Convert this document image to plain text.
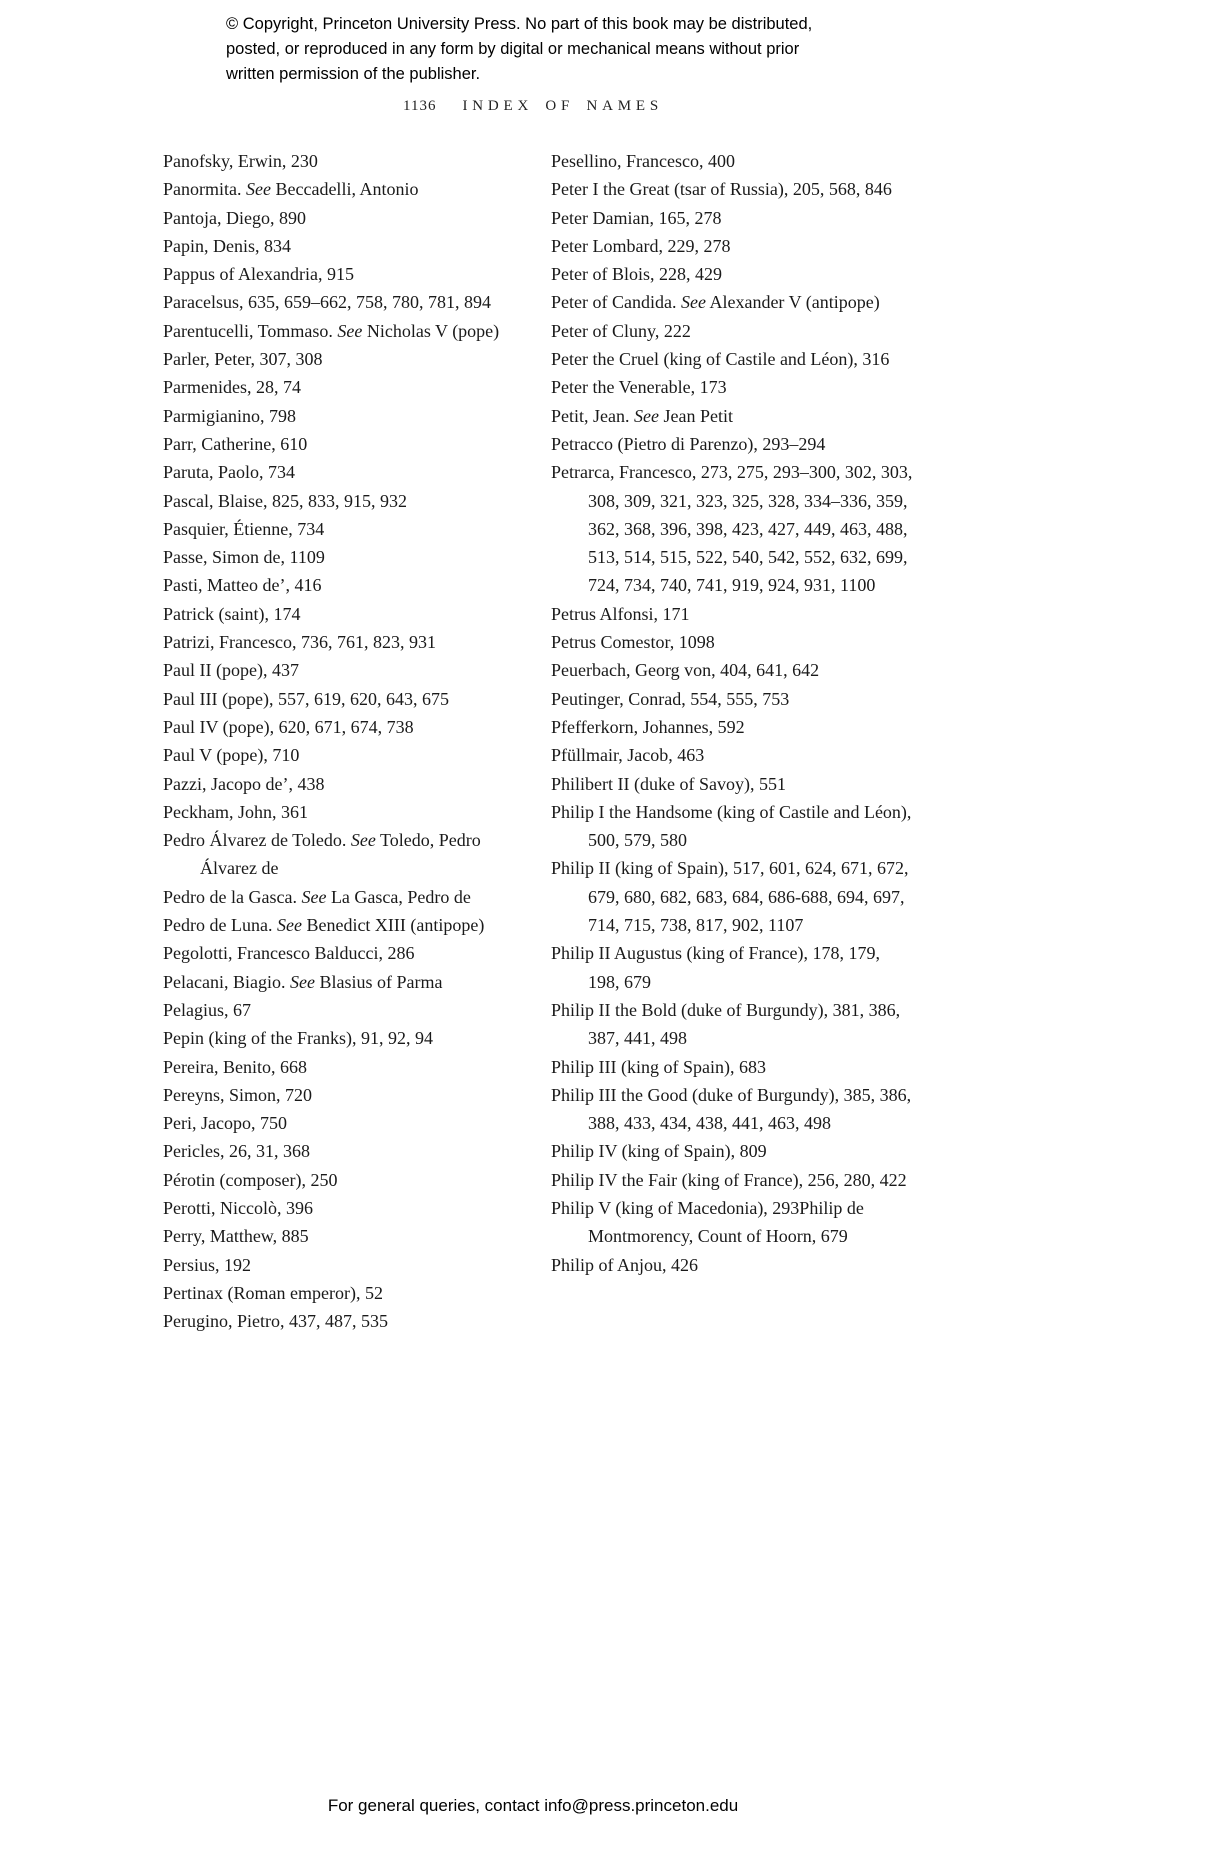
© Copyright, Princeton University Press. No part of this book may be distributed, posted, or reproduced in any form by digital or mechanical means without prior written permission of the publisher.
1136 INDEX OF NAMES
Panofsky, Erwin, 230
Panormita. See Beccadelli, Antonio
Pantoja, Diego, 890
Papin, Denis, 834
Pappus of Alexandria, 915
Paracelsus, 635, 659–662, 758, 780, 781, 894
Parentucelli, Tommaso. See Nicholas V (pope)
Parler, Peter, 307, 308
Parmenides, 28, 74
Parmigianino, 798
Parr, Catherine, 610
Paruta, Paolo, 734
Pascal, Blaise, 825, 833, 915, 932
Pasquier, Étienne, 734
Passe, Simon de, 1109
Pasti, Matteo de’, 416
Patrick (saint), 174
Patrizi, Francesco, 736, 761, 823, 931
Paul II (pope), 437
Paul III (pope), 557, 619, 620, 643, 675
Paul IV (pope), 620, 671, 674, 738
Paul V (pope), 710
Pazzi, Jacopo de’, 438
Peckham, John, 361
Pedro Álvarez de Toledo. See Toledo, Pedro Álvarez de
Pedro de la Gasca. See La Gasca, Pedro de
Pedro de Luna. See Benedict XIII (antipope)
Pegolotti, Francesco Balducci, 286
Pelacani, Biagio. See Blasius of Parma
Pelagius, 67
Pepin (king of the Franks), 91, 92, 94
Pereira, Benito, 668
Pereyns, Simon, 720
Peri, Jacopo, 750
Pericles, 26, 31, 368
Pérotin (composer), 250
Perotti, Niccolò, 396
Perry, Matthew, 885
Persius, 192
Pertinax (Roman emperor), 52
Perugino, Pietro, 437, 487, 535
Pesellino, Francesco, 400
Peter I the Great (tsar of Russia), 205, 568, 846
Peter Damian, 165, 278
Peter Lombard, 229, 278
Peter of Blois, 228, 429
Peter of Candida. See Alexander V (antipope)
Peter of Cluny, 222
Peter the Cruel (king of Castile and Léon), 316
Peter the Venerable, 173
Petit, Jean. See Jean Petit
Petracco (Pietro di Parenzo), 293–294
Petrarca, Francesco, 273, 275, 293–300, 302, 303, 308, 309, 321, 323, 325, 328, 334–336, 359, 362, 368, 396, 398, 423, 427, 449, 463, 488, 513, 514, 515, 522, 540, 542, 552, 632, 699, 724, 734, 740, 741, 919, 924, 931, 1100
Petrus Alfonsi, 171
Petrus Comestor, 1098
Peuerbach, Georg von, 404, 641, 642
Peutinger, Conrad, 554, 555, 753
Pfefferkorn, Johannes, 592
Pfüllmair, Jacob, 463
Philibert II (duke of Savoy), 551
Philip I the Handsome (king of Castile and Léon), 500, 579, 580
Philip II (king of Spain), 517, 601, 624, 671, 672, 679, 680, 682, 683, 684, 686-688, 694, 697, 714, 715, 738, 817, 902, 1107
Philip II Augustus (king of France), 178, 179, 198, 679
Philip II the Bold (duke of Burgundy), 381, 386, 387, 441, 498
Philip III (king of Spain), 683
Philip III the Good (duke of Burgundy), 385, 386, 388, 433, 434, 438, 441, 463, 498
Philip IV (king of Spain), 809
Philip IV the Fair (king of France), 256, 280, 422
Philip V (king of Macedonia), 293Philip de Montmorency, Count of Hoorn, 679
Philip of Anjou, 426
For general queries, contact info@press.princeton.edu
